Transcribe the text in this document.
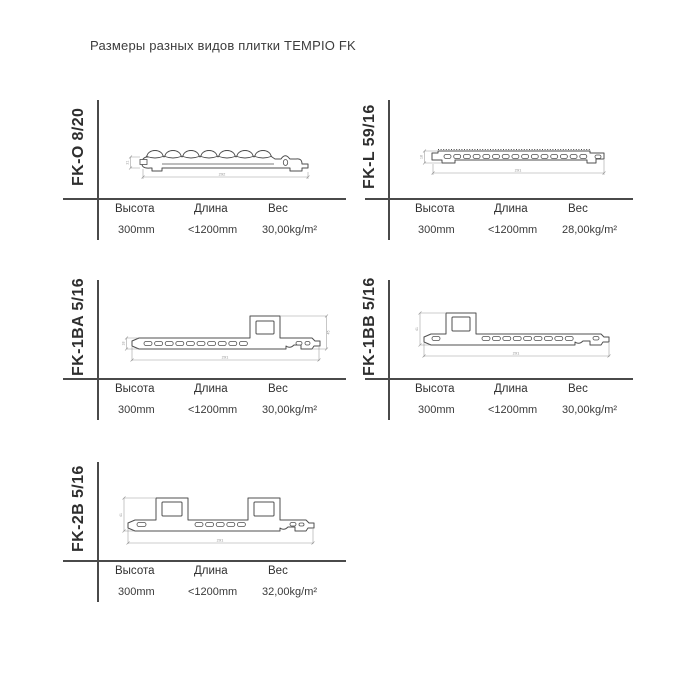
Размеры разных видов плитки TEMPIO FK
FK-O 8/20	292
21
Высота	Длина	Вес
300mm	<1200mm 30,00kg/m²
FK-L 59/16	291
18
Высота	Длина	Вес
300mm	<1200mm 28,00kg/m²
FK-1BA 5/16	291
45
18
Высота	Длина	Вес
300mm	<1200mm 30,00kg/m²
FK-1BB 5/16	291
41
Высота	Длина	Вес
300mm	<1200mm 30,00kg/m²
FK-2B 5/16	291
41
Высота	Длина	Вес
300mm	<1200mm 32,00kg/m²
